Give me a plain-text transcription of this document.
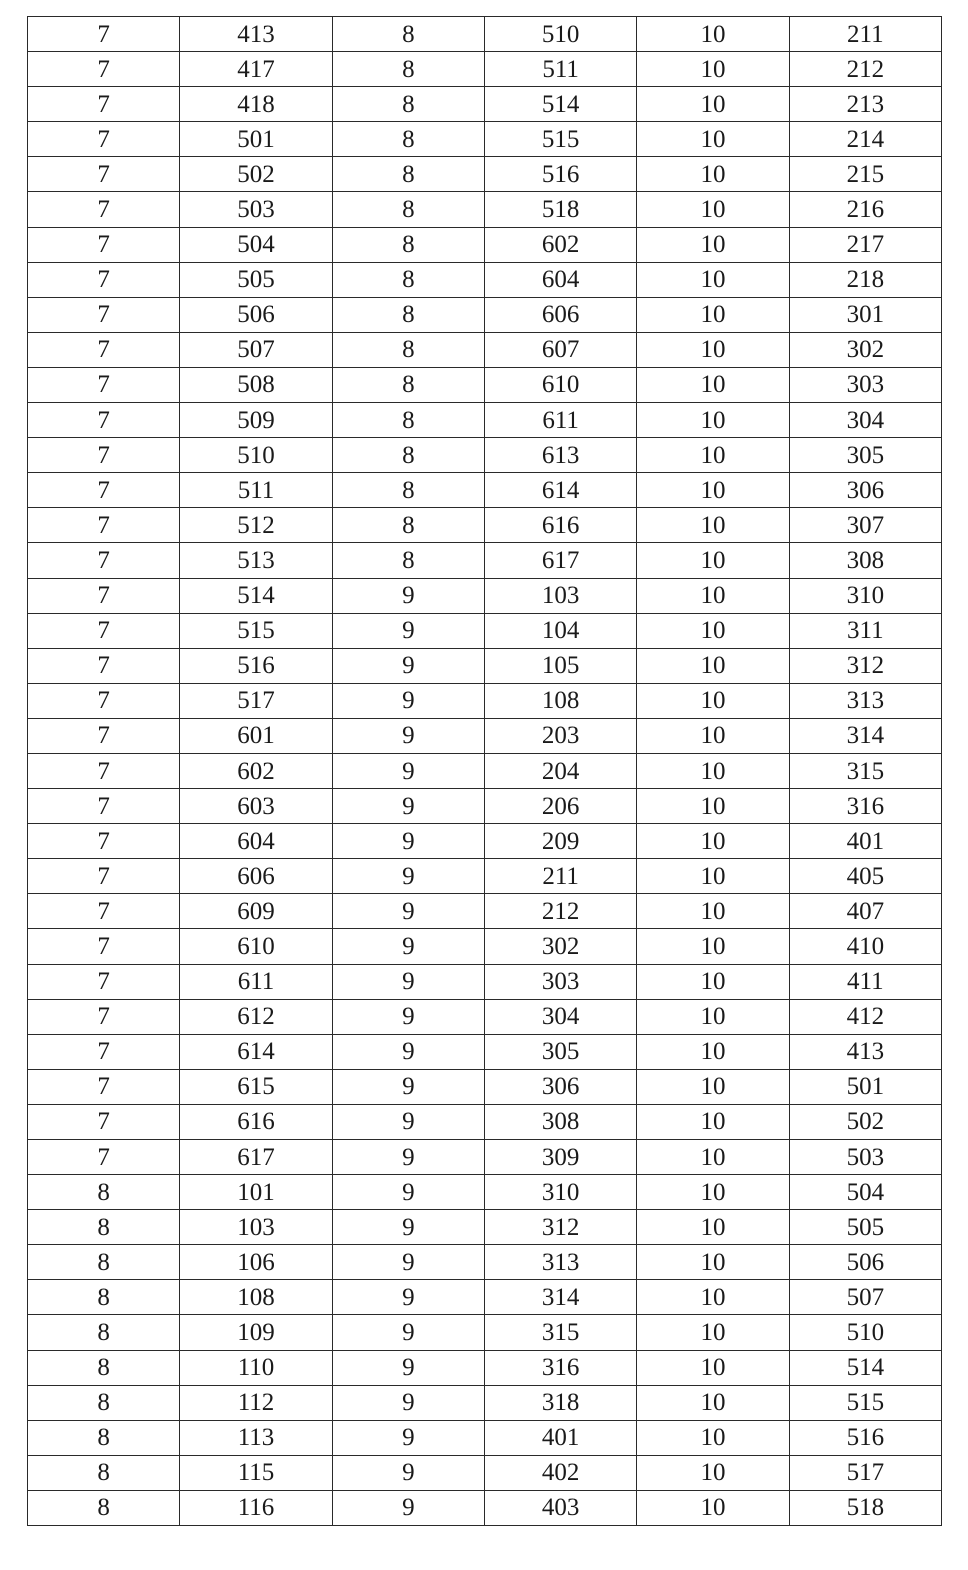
7	413	8	510	10	211
7	417	8	511	10	212
7	418	8	514	10	213
7	501	8	515	10	214
7	502	8	516	10	215
7	503	8	518	10	216
7	504	8	602	10	217
7	505	8	604	10	218
7	506	8	606	10	301
7	507	8	607	10	302
7	508	8	610	10	303
7	509	8	611	10	304
7	510	8	613	10	305
7	511	8	614	10	306
7	512	8	616	10	307
7	513	8	617	10	308
7	514	9	103	10	310
7	515	9	104	10	311
7	516	9	105	10	312
7	517	9	108	10	313
7	601	9	203	10	314
7	602	9	204	10	315
7	603	9	206	10	316
7	604	9	209	10	401
7	606	9	211	10	405
7	609	9	212	10	407
7	610	9	302	10	410
7	611	9	303	10	411
7	612	9	304	10	412
7	614	9	305	10	413
7	615	9	306	10	501
7	616	9	308	10	502
7	617	9	309	10	503
8	101	9	310	10	504
8	103	9	312	10	505
8	106	9	313	10	506
8	108	9	314	10	507
8	109	9	315	10	510
8	110	9	316	10	514
8	112	9	318	10	515
8	113	9	401	10	516
8	115	9	402	10	517
8	116	9	403	10	518
